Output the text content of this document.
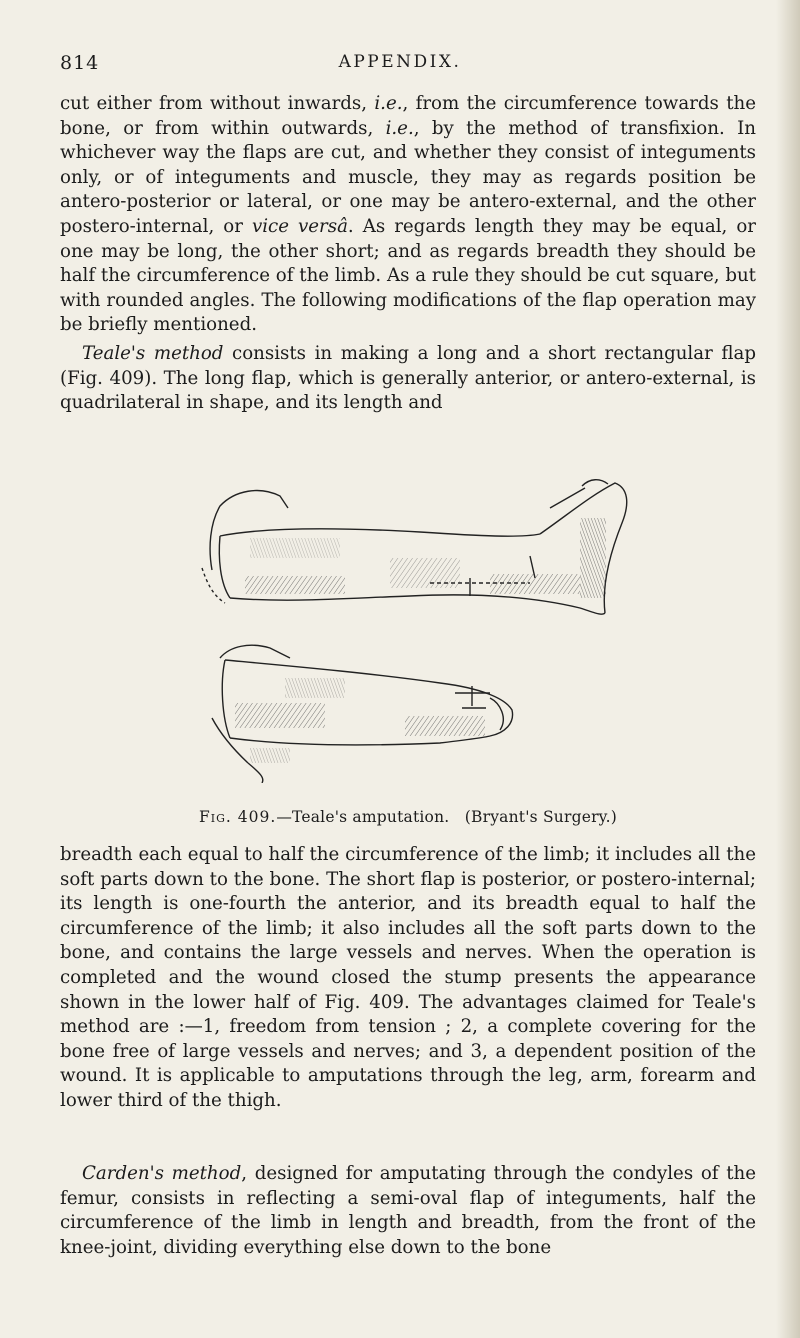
814	APPENDIX.

cut either from without inwards, i.e., from the circumference towards the bone, or from within outwards, i.e., by the method of transfixion. In whichever way the flaps are cut, and whether they consist of integuments only, or of integuments and muscle, they may as regards position be antero-posterior or lateral, or one may be antero-external, and the other postero-internal, or vice versâ. As regards length they may be equal, or one may be long, the other short; and as regards breadth they should be half the circumference of the limb. As a rule they should be cut square, but with rounded angles. The following modifications of the flap operation may be briefly mentioned.

Teale's method consists in making a long and a short rectangular flap (Fig. 409). The long flap, which is generally anterior, or antero-external, is quadrilateral in shape, and its length and

Fig. 409.—Teale's amputation. (Bryant's Surgery.)

breadth each equal to half the circumference of the limb; it includes all the soft parts down to the bone. The short flap is posterior, or postero-internal; its length is one-fourth the anterior, and its breadth equal to half the circumference of the limb; it also includes all the soft parts down to the bone, and contains the large vessels and nerves. When the operation is completed and the wound closed the stump presents the appearance shown in the lower half of Fig. 409. The advantages claimed for Teale's method are :—1, freedom from tension ; 2, a complete covering for the bone free of large vessels and nerves; and 3, a dependent position of the wound. It is applicable to amputations through the leg, arm, forearm and lower third of the thigh.

Carden's method, designed for amputating through the condyles of the femur, consists in reflecting a semi-oval flap of integuments, half the circumference of the limb in length and breadth, from the front of the knee-joint, dividing everything else down to the bone
